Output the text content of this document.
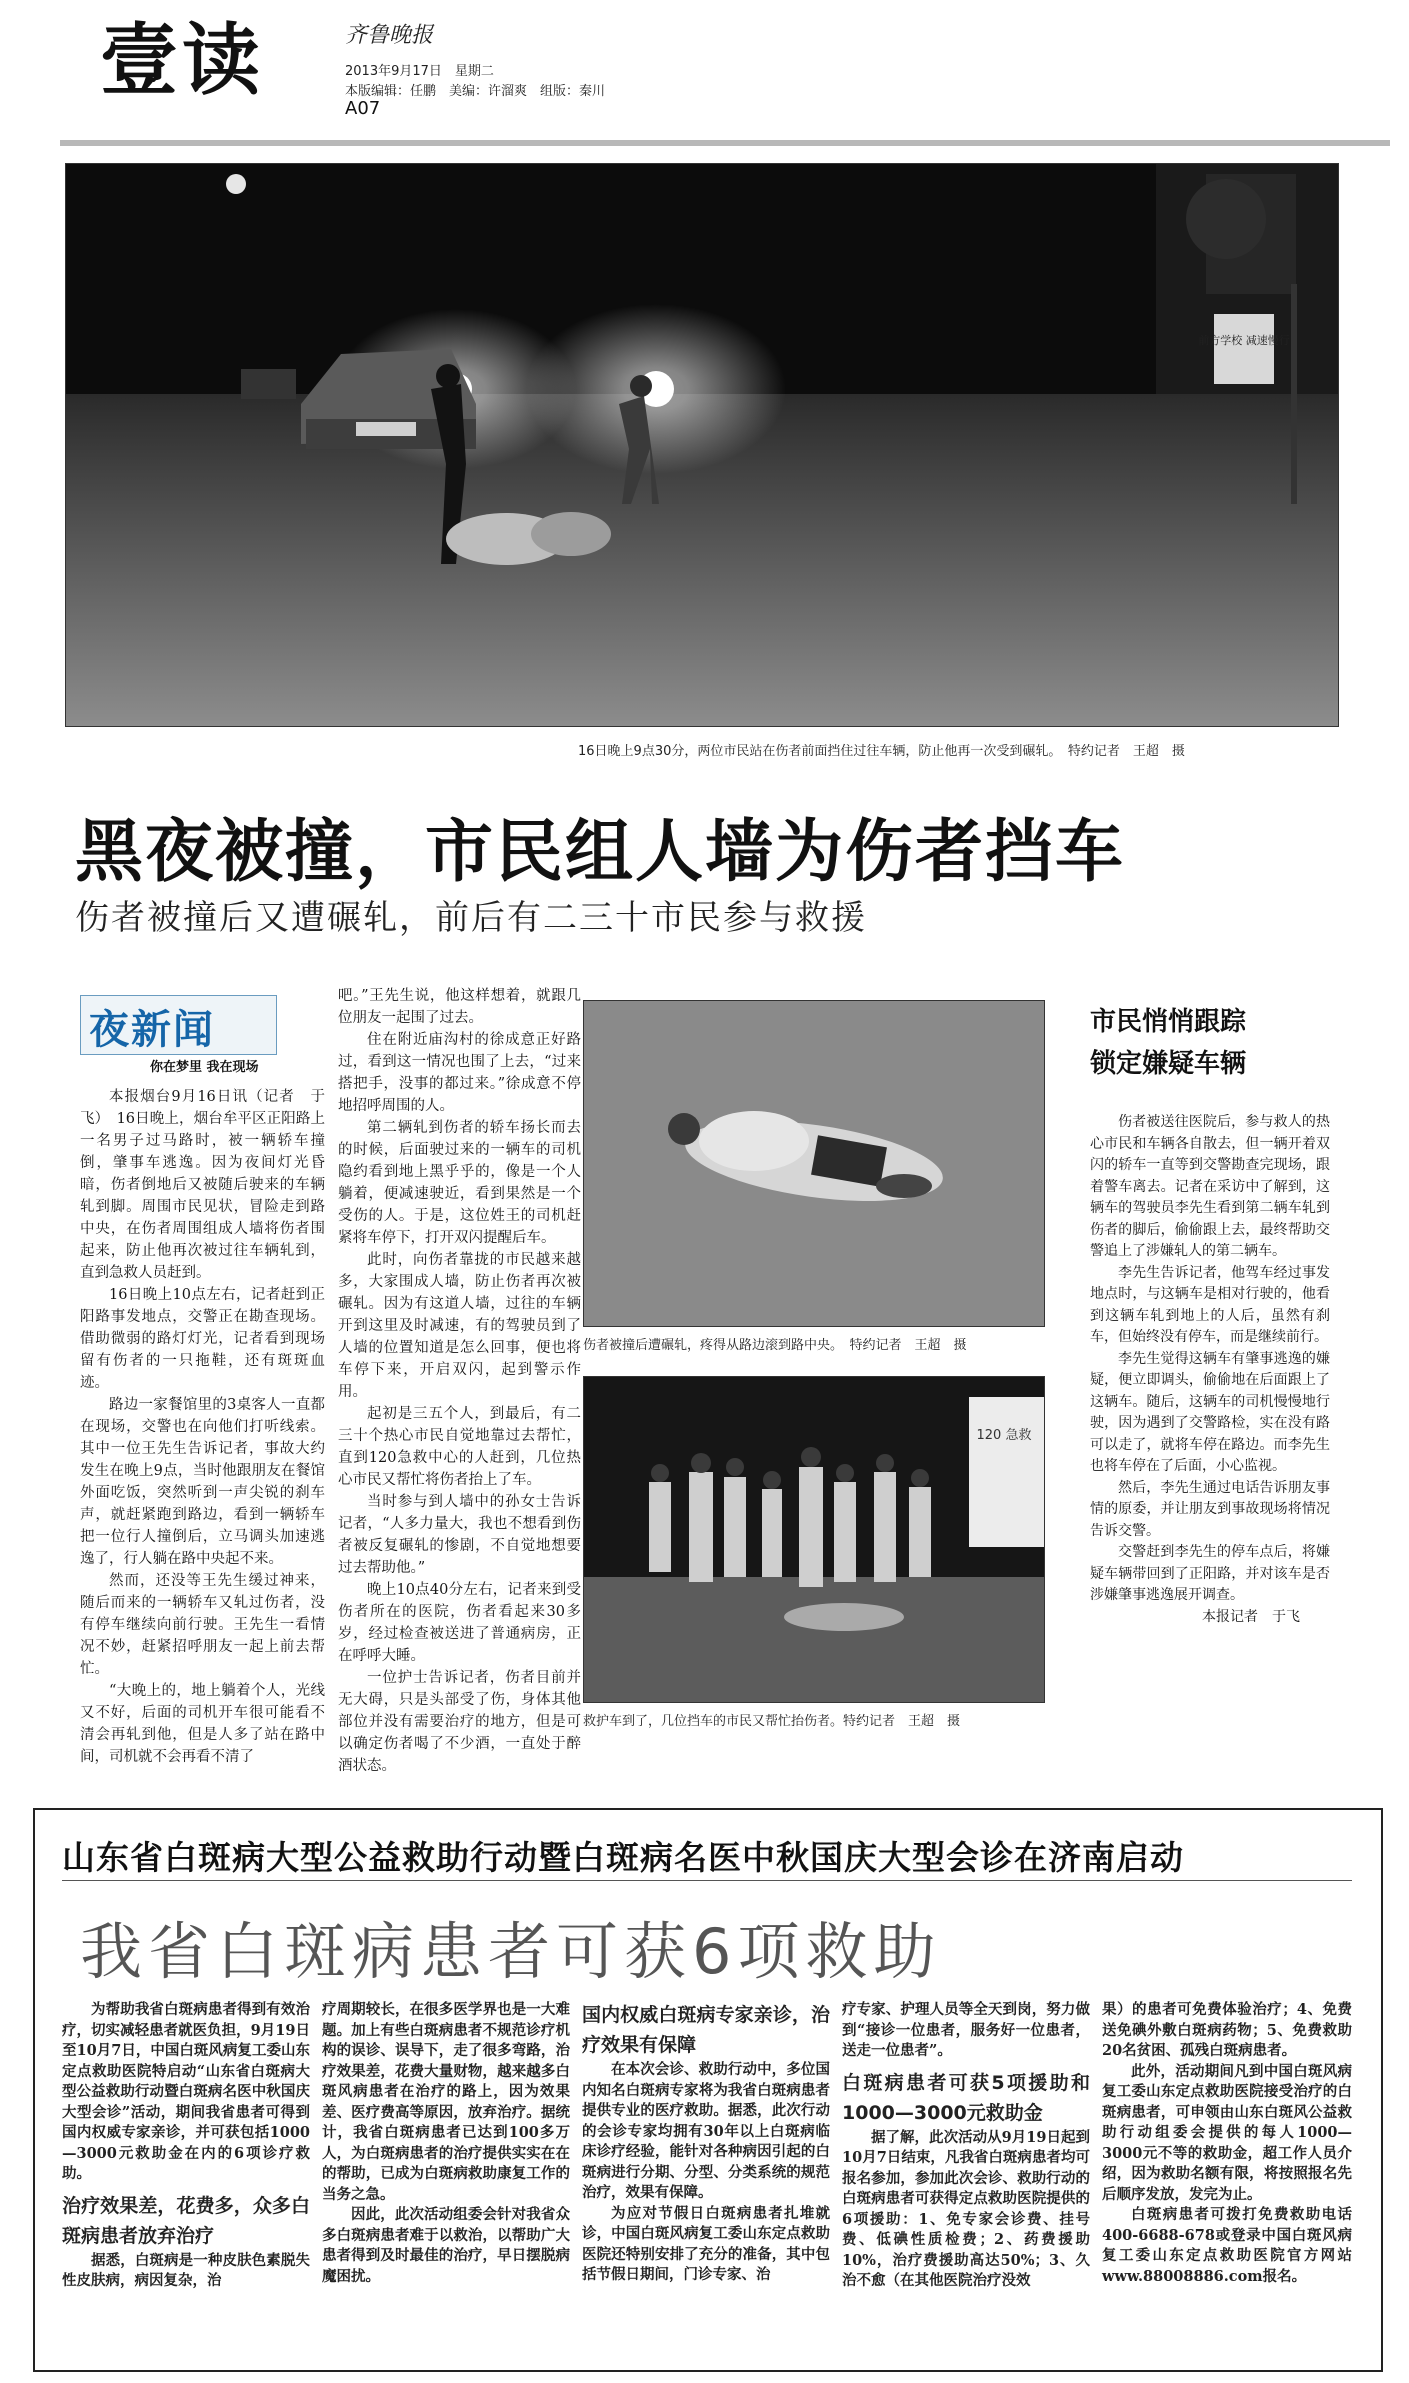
壹读	齐鲁晚报
2013年9月17日　星期二
本版编辑：任鹏　美编：许溜爽　组版：秦川
A07
前方学校 减速慢行
16日晚上9点30分，两位市民站在伤者前面挡住过往车辆，防止他再一次受到碾轧。　特约记者　王超　摄
黑夜被撞，市民组人墙为伤者挡车
伤者被撞后又遭碾轧，前后有二三十市民参与救援
夜新闻
你在梦里 我在现场

本报烟台9月16日讯（记者　于飞）　16日晚上，烟台牟平区正阳路上一名男子过马路时，被一辆轿车撞倒，肇事车逃逸。因为夜间灯光昏暗，伤者倒地后又被随后驶来的车辆轧到脚。周围市民见状，冒险走到路中央，在伤者周围组成人墙将伤者围起来，防止他再次被过往车辆轧到，直到急救人员赶到。

16日晚上10点左右，记者赶到正阳路事发地点，交警正在勘查现场。借助微弱的路灯灯光，记者看到现场留有伤者的一只拖鞋，还有斑斑血迹。

路边一家餐馆里的3桌客人一直都在现场，交警也在向他们打听线索。其中一位王先生告诉记者，事故大约发生在晚上9点，当时他跟朋友在餐馆外面吃饭，突然听到一声尖锐的刹车声，就赶紧跑到路边，看到一辆轿车把一位行人撞倒后，立马调头加速逃逸了，行人躺在路中央起不来。

然而，还没等王先生缓过神来，随后而来的一辆轿车又轧过伤者，没有停车继续向前行驶。王先生一看情况不妙，赶紧招呼朋友一起上前去帮忙。

“大晚上的，地上躺着个人，光线又不好，后面的司机开车很可能看不清会再轧到他，但是人多了站在路中间，司机就不会再看不清了

吧。”王先生说，他这样想着，就跟几位朋友一起围了过去。

住在附近庙沟村的徐成意正好路过，看到这一情况也围了上去，“过来搭把手，没事的都过来。”徐成意不停地招呼周围的人。

第二辆轧到伤者的轿车扬长而去的时候，后面驶过来的一辆车的司机隐约看到地上黑乎乎的，像是一个人躺着，便减速驶近，看到果然是一个受伤的人。于是，这位姓王的司机赶紧将车停下，打开双闪提醒后车。

此时，向伤者靠拢的市民越来越多，大家围成人墙，防止伤者再次被碾轧。因为有这道人墙，过往的车辆开到这里及时减速，有的驾驶员到了人墙的位置知道是怎么回事，便也将车停下来，开启双闪，起到警示作用。

起初是三五个人，到最后，有二三十个热心市民自觉地靠过去帮忙，直到120急救中心的人赶到，几位热心市民又帮忙将伤者抬上了车。

当时参与到人墙中的孙女士告诉记者，“人多力量大，我也不想看到伤者被反复碾轧的惨剧，不自觉地想要过去帮助他。”

晚上10点40分左右，记者来到受伤者所在的医院，伤者看起来30多岁，经过检查被送进了普通病房，正在呼呼大睡。

一位护士告诉记者，伤者目前并无大碍，只是头部受了伤，身体其他部位并没有需要治疗的地方，但是可以确定伤者喝了不少酒，一直处于醉酒状态。

伤者被撞后遭碾轧，疼得从路边滚到路中央。　特约记者　王超　摄
120 急救
救护车到了，几位挡车的市民又帮忙抬伤者。特约记者　王超　摄
市民悄悄跟踪
锁定嫌疑车辆

伤者被送往医院后，参与救人的热心市民和车辆各自散去，但一辆开着双闪的轿车一直等到交警勘查完现场，跟着警车离去。记者在采访中了解到，这辆车的驾驶员李先生看到第二辆车轧到伤者的脚后，偷偷跟上去，最终帮助交警追上了涉嫌轧人的第二辆车。

李先生告诉记者，他驾车经过事发地点时，与这辆车是相对行驶的，他看到这辆车轧到地上的人后，虽然有刹车，但始终没有停车，而是继续前行。

李先生觉得这辆车有肇事逃逸的嫌疑，便立即调头，偷偷地在后面跟上了这辆车。随后，这辆车的司机慢慢地行驶，因为遇到了交警路检，实在没有路可以走了，就将车停在路边。而李先生也将车停在了后面，小心监视。

然后，李先生通过电话告诉朋友事情的原委，并让朋友到事故现场将情况告诉交警。

交警赶到李先生的停车点后，将嫌疑车辆带回到了正阳路，并对该车是否涉嫌肇事逃逸展开调查。

本报记者　于飞

山东省白斑病大型公益救助行动暨白斑病名医中秋国庆大型会诊在济南启动
我省白斑病患者可获6项救助

为帮助我省白斑病患者得到有效治疗，切实减轻患者就医负担，9月19日至10月7日，中国白斑风病复工委山东定点救助医院特启动“山东省白斑病大型公益救助行动暨白斑病名医中秋国庆大型会诊”活动，期间我省患者可得到国内权威专家亲诊，并可获包括1000—3000元救助金在内的6项诊疗救助。

治疗效果差，花费多，众多白斑病患者放弃治疗

据悉，白斑病是一种皮肤色素脱失性皮肤病，病因复杂，治

疗周期较长，在很多医学界也是一大难题。加上有些白斑病患者不规范诊疗机构的误诊、误导下，走了很多弯路，治疗效果差，花费大量财物，越来越多白斑风病患者在治疗的路上，因为效果差、医疗费高等原因，放弃治疗。据统计，我省白斑病患者已达到100多万人，为白斑病患者的治疗提供实实在在的帮助，已成为白斑病救助康复工作的当务之急。

因此，此次活动组委会针对我省众多白斑病患者难于以救治，以帮助广大患者得到及时最佳的治疗，早日摆脱病魔困扰。

国内权威白斑病专家亲诊，治疗效果有保障

在本次会诊、救助行动中，多位国内知名白斑病专家将为我省白斑病患者提供专业的医疗救助。据悉，此次行动的会诊专家均拥有30年以上白斑病临床诊疗经验，能针对各种病因引起的白斑病进行分期、分型、分类系统的规范治疗，效果有保障。

为应对节假日白斑病患者扎堆就诊，中国白斑风病复工委山东定点救助医院还特别安排了充分的准备，其中包括节假日期间，门诊专家、治

疗专家、护理人员等全天到岗，努力做到“接诊一位患者，服务好一位患者，送走一位患者”。

白斑病患者可获5项援助和1000—3000元救助金

据了解，此次活动从9月19日起到10月7日结束，凡我省白斑病患者均可报名参加，参加此次会诊、救助行动的白斑病患者可获得定点救助医院提供的6项援助：1、免专家会诊费、挂号费、低碘性质检费；2、药费援助10%，治疗费援助高达50%；3、久治不愈（在其他医院治疗没效

果）的患者可免费体验治疗；4、免费送免碘外敷白斑病药物；5、免费救助20名贫困、孤残白斑病患者。

此外，活动期间凡到中国白斑风病复工委山东定点救助医院接受治疗的白斑病患者，可申领由山东白斑风公益救助行动组委会提供的每人1000—3000元不等的救助金，超工作人员介绍，因为救助名额有限，将按照报名先后顺序发放，发完为止。

白斑病患者可拨打免费救助电话400-6688-678或登录中国白斑风病复工委山东定点救助医院官方网站www.88008886.com报名。
